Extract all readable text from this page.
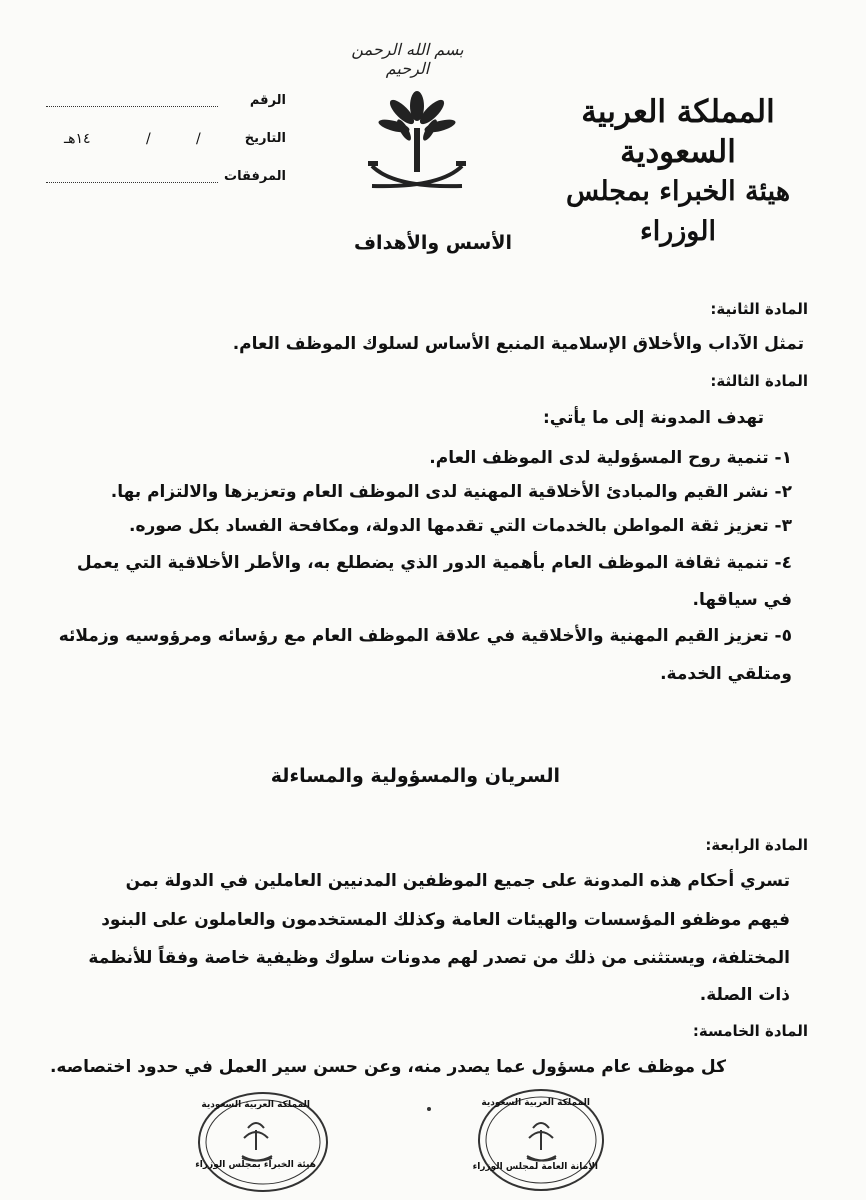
بسم الله الرحمن الرحيم
المملكة العربية السعودية
هيئة الخبراء بمجلس الوزراء
الرقم
التاريخ
/
/
١٤هـ
المرفقات
الأسس والأهداف
المادة الثانية:
تمثل الآداب والأخلاق الإسلامية المنبع الأساس لسلوك الموظف العام.
المادة الثالثة:
تهدف المدونة إلى ما يأتي:
١- تنمية روح المسؤولية لدى الموظف العام.
٢- نشر القيم والمبادئ الأخلاقية المهنية لدى الموظف العام وتعزيزها والالتزام بها.
٣- تعزيز ثقة المواطن بالخدمات التي تقدمها الدولة، ومكافحة الفساد بكل صوره.
٤- تنمية ثقافة الموظف العام بأهمية الدور الذي يضطلع به، والأطر الأخلاقية التي يعمل
في سياقها.
٥- تعزيز القيم المهنية والأخلاقية في علاقة الموظف العام مع رؤسائه ومرؤوسيه وزملائه
ومتلقي الخدمة.
السريان والمسؤولية والمساءلة
المادة الرابعة:
تسري أحكام هذه المدونة على جميع الموظفين المدنيين العاملين في الدولة بمن
فيهم موظفو المؤسسات والهيئات العامة وكذلك المستخدمون والعاملون على البنود
المختلفة، ويستثنى من ذلك من تصدر لهم مدونات سلوك وظيفية خاصة وفقاً للأنظمة
ذات الصلة.
المادة الخامسة:
كل موظف عام مسؤول عما يصدر منه، وعن حسن سير العمل في حدود اختصاصه.
المملكة العربية السعودية
هيئة الخبراء بمجلس الوزراء
المملكة العربية السعودية
الأمانة العامة لمجلس الوزراء
